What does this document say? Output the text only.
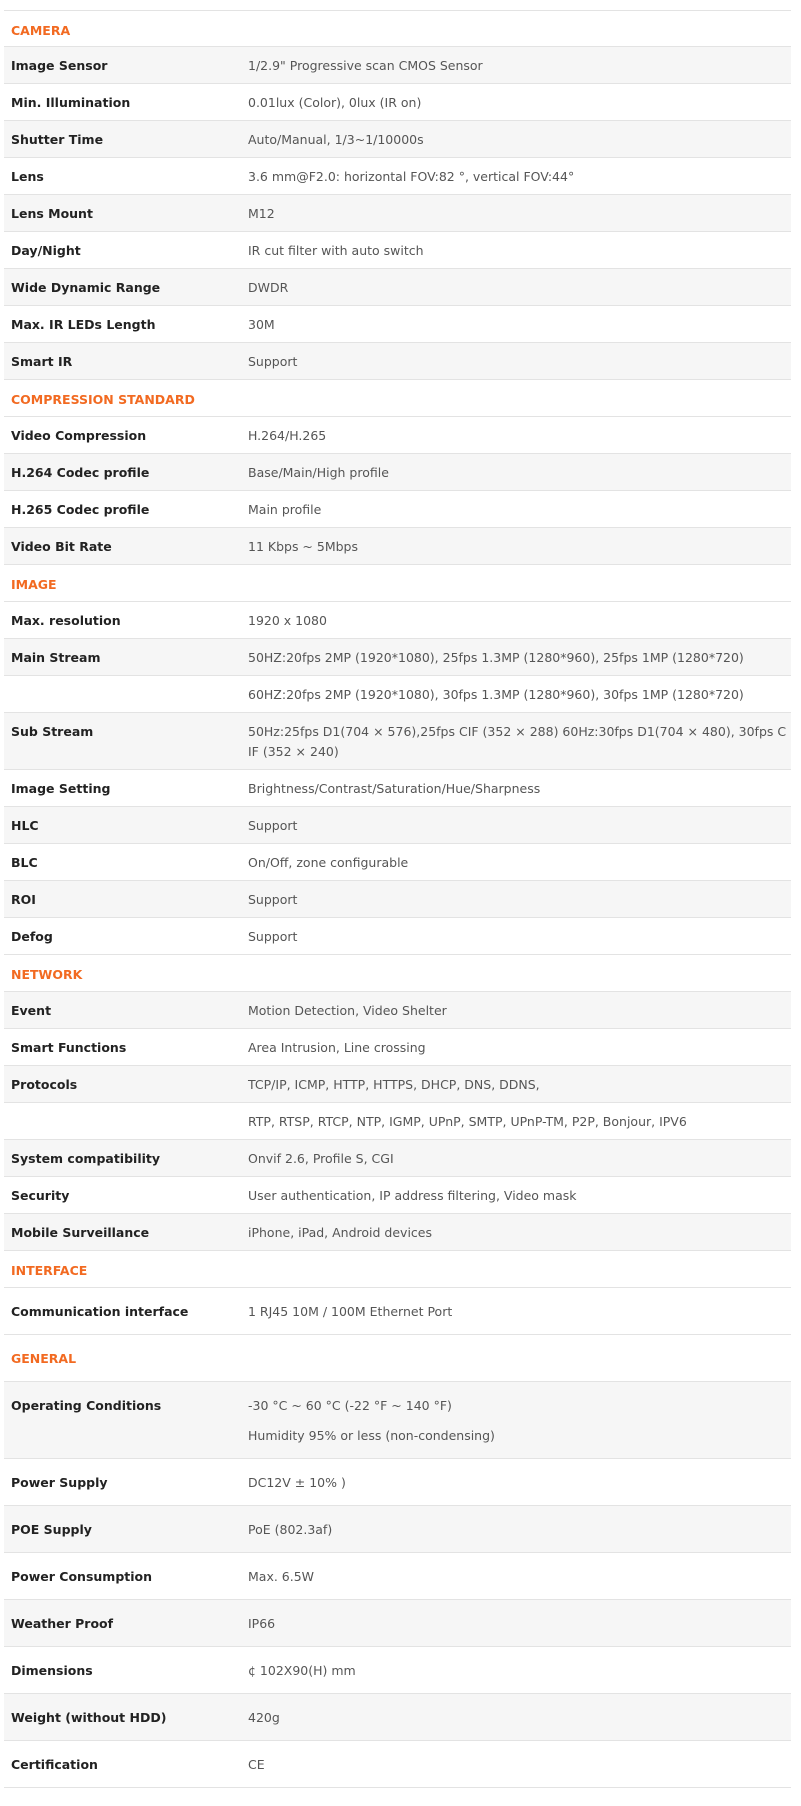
CAMERA
Image Sensor	1/2.9" Progressive scan CMOS Sensor
Min. Illumination	0.01lux (Color), 0lux (IR on)
Shutter Time	Auto/Manual, 1/3~1/10000s
Lens	3.6 mm@F2.0: horizontal FOV:82 °, vertical FOV:44°
Lens Mount	M12
Day/Night	IR cut filter with auto switch
Wide Dynamic Range	DWDR
Max. IR LEDs Length	30M
Smart IR	Support
COMPRESSION STANDARD
Video Compression	H.264/H.265
H.264 Codec profile	Base/Main/High profile
H.265 Codec profile	Main profile
Video Bit Rate	11 Kbps ~ 5Mbps
IMAGE
Max. resolution	1920 x 1080
Main Stream	50HZ:20fps 2MP (1920*1080), 25fps 1.3MP (1280*960), 25fps 1MP (1280*720)
60HZ:20fps 2MP (1920*1080), 30fps 1.3MP (1280*960), 30fps 1MP (1280*720)
Sub Stream	50Hz:25fps D1(704 × 576),25fps CIF (352 × 288) 60Hz:30fps D1(704 × 480), 30fps CIF (352 × 240)
Image Setting	Brightness/Contrast/Saturation/Hue/Sharpness
HLC	Support
BLC	On/Off, zone configurable
ROI	Support
Defog	Support
NETWORK
Event	Motion Detection, Video Shelter
Smart Functions	Area Intrusion, Line crossing
Protocols	TCP/IP, ICMP, HTTP, HTTPS, DHCP, DNS, DDNS,
RTP, RTSP, RTCP, NTP, IGMP, UPnP, SMTP, UPnP-TM, P2P, Bonjour, IPV6
System compatibility	Onvif 2.6, Profile S, CGI
Security	User authentication, IP address filtering, Video mask
Mobile Surveillance	iPhone, iPad, Android devices
INTERFACE
Communication interface	1 RJ45 10M / 100M Ethernet Port
GENERAL
Operating Conditions	-30 °C ~ 60 °C (-22 °F ~ 140 °F)
Humidity 95% or less (non-condensing)
Power Supply	DC12V ± 10% )
POE Supply	PoE (802.3af)
Power Consumption	Max. 6.5W
Weather Proof	IP66
Dimensions	¢ 102X90(H) mm
Weight (without HDD)	420g
Certification	CE
